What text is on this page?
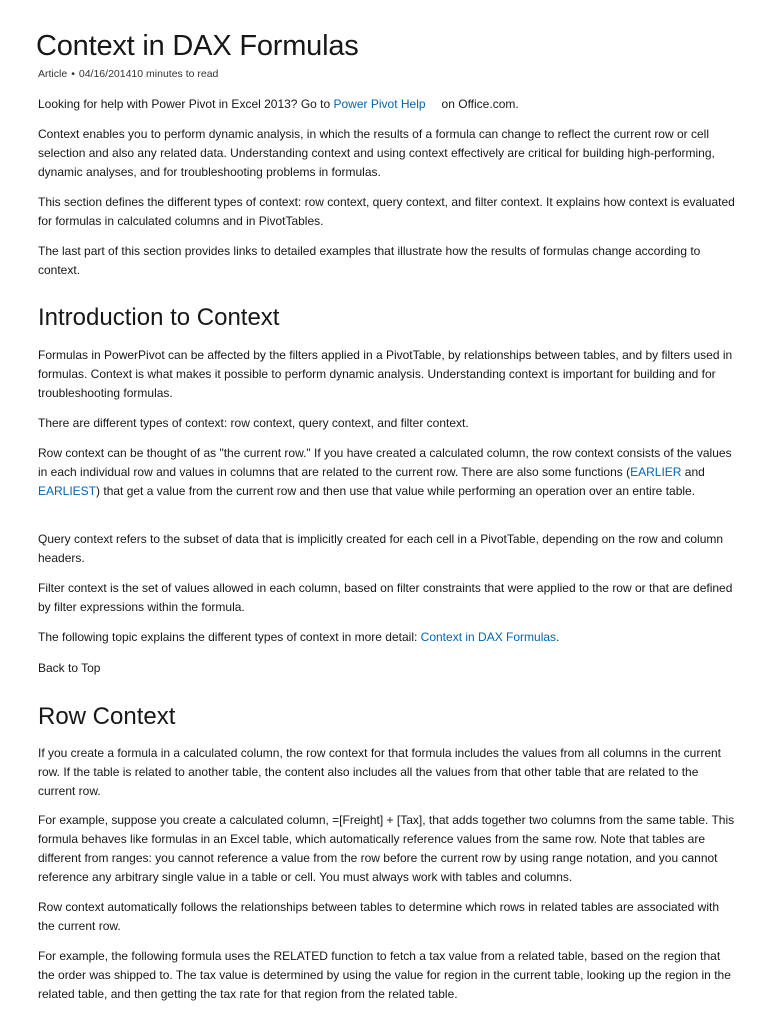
Context in DAX Formulas
Article • 04/16/201410 minutes to read

Looking for help with Power Pivot in Excel 2013? Go to Power Pivot Help on Office.com.

Context enables you to perform dynamic analysis, in which the results of a formula can change to reflect the current row or cell selection and also any related data. Understanding context and using context effectively are critical for building high-performing, dynamic analyses, and for troubleshooting problems in formulas.

This section defines the different types of context: row context, query context, and filter context. It explains how context is evaluated for formulas in calculated columns and in PivotTables.

The last part of this section provides links to detailed examples that illustrate how the results of formulas change according to context.

Introduction to Context

Formulas in PowerPivot can be affected by the filters applied in a PivotTable, by relationships between tables, and by filters used in formulas. Context is what makes it possible to perform dynamic analysis. Understanding context is important for building and for troubleshooting formulas.

There are different types of context: row context, query context, and filter context.

Row context can be thought of as "the current row." If you have created a calculated column, the row context consists of the values in each individual row and values in columns that are related to the current row. There are also some functions (EARLIER and EARLIEST) that get a value from the current row and then use that value while performing an operation over an entire table.

Query context refers to the subset of data that is implicitly created for each cell in a PivotTable, depending on the row and column headers.

Filter context is the set of values allowed in each column, based on filter constraints that were applied to the row or that are defined by filter expressions within the formula.

The following topic explains the different types of context in more detail: Context in DAX Formulas.

Back to Top

Row Context

If you create a formula in a calculated column, the row context for that formula includes the values from all columns in the current row. If the table is related to another table, the content also includes all the values from that other table that are related to the current row.

For example, suppose you create a calculated column, =[Freight] + [Tax], that adds together two columns from the same table. This formula behaves like formulas in an Excel table, which automatically reference values from the same row. Note that tables are different from ranges: you cannot reference a value from the row before the current row by using range notation, and you cannot reference any arbitrary single value in a table or cell. You must always work with tables and columns.

Row context automatically follows the relationships between tables to determine which rows in related tables are associated with the current row.

For example, the following formula uses the RELATED function to fetch a tax value from a related table, based on the region that the order was shipped to. The tax value is determined by using the value for region in the current table, looking up the region in the related table, and then getting the tax rate for that region from the related table.
